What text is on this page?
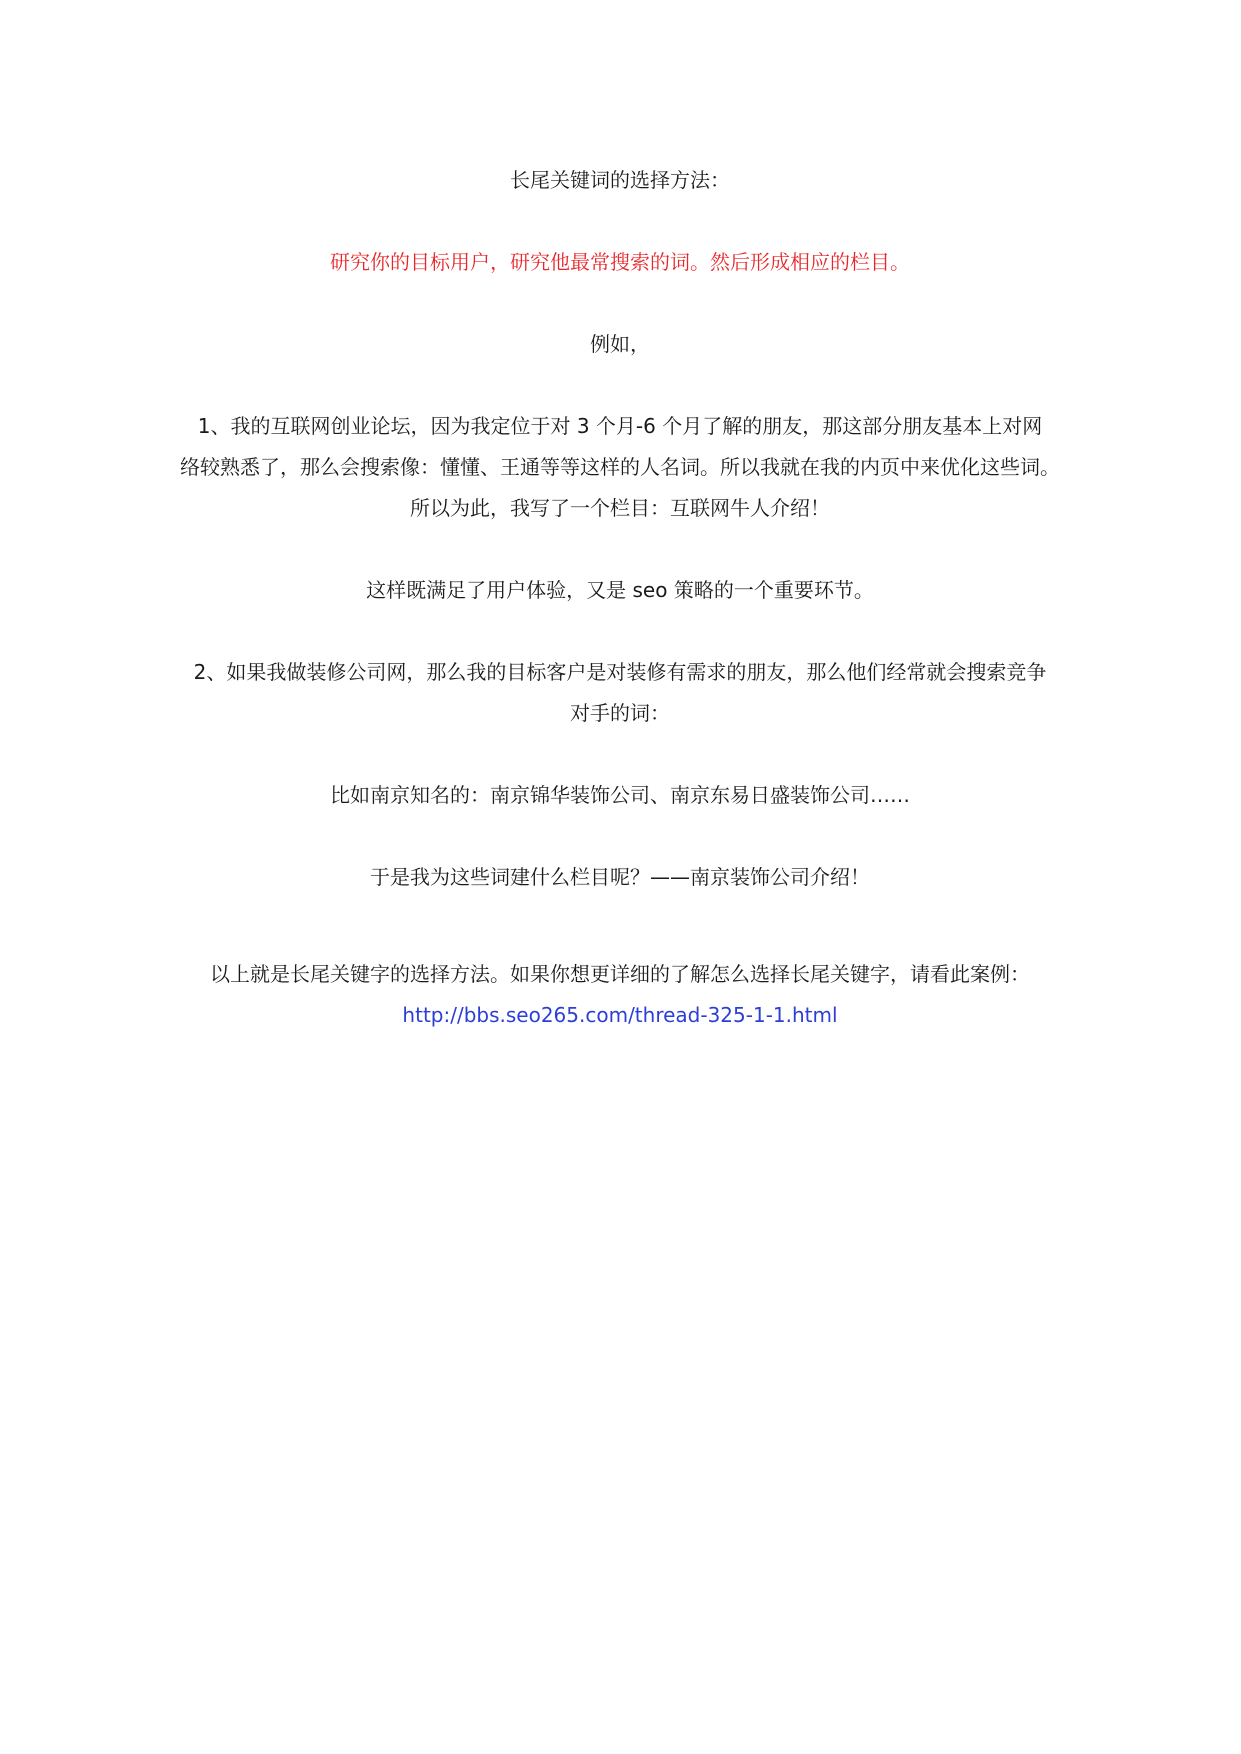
长尾关键词的选择方法：

研究你的目标用户，研究他最常搜索的词。然后形成相应的栏目。

例如，

1、我的互联网创业论坛，因为我定位于对 3 个月-6 个月了解的朋友，那这部分朋友基本上对网

络较熟悉了，那么会搜索像：懂懂、王通等等这样的人名词。所以我就在我的内页中来优化这些词。

所以为此，我写了一个栏目：互联网牛人介绍！

这样既满足了用户体验，又是 seo 策略的一个重要环节。

2、如果我做装修公司网，那么我的目标客户是对装修有需求的朋友，那么他们经常就会搜索竞争

对手的词：

比如南京知名的：南京锦华装饰公司、南京东易日盛装饰公司……

于是我为这些词建什么栏目呢？——南京装饰公司介绍！

以上就是长尾关键字的选择方法。如果你想更详细的了解怎么选择长尾关键字，请看此案例：

http://bbs.seo265.com/thread-325-1-1.html
